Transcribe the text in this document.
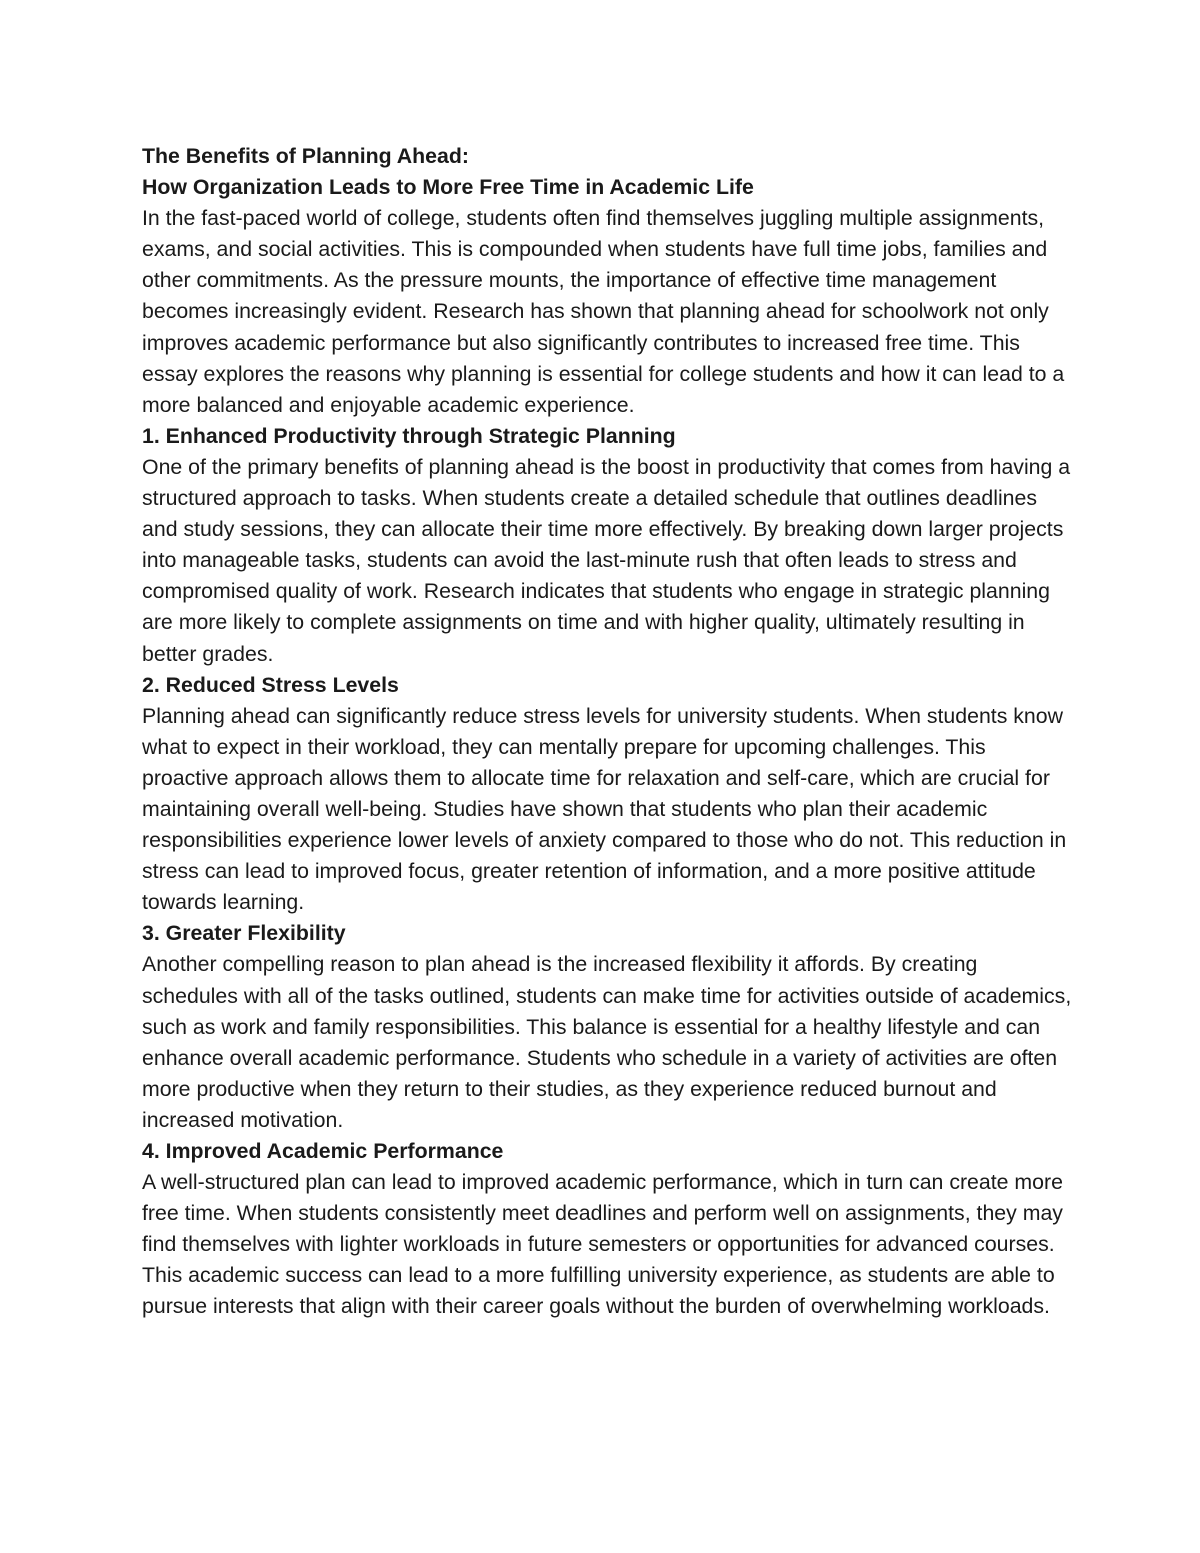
The Benefits of Planning Ahead:

How Organization Leads to More Free Time in Academic Life

In the fast-paced world of college, students often find themselves juggling multiple assignments, exams, and social activities. This is compounded when students have full time jobs, families and other commitments. As the pressure mounts, the importance of effective time management becomes increasingly evident. Research has shown that planning ahead for schoolwork not only improves academic performance but also significantly contributes to increased free time. This essay explores the reasons why planning is essential for college students and how it can lead to a more balanced and enjoyable academic experience.

1. Enhanced Productivity through Strategic Planning

One of the primary benefits of planning ahead is the boost in productivity that comes from having a structured approach to tasks. When students create a detailed schedule that outlines deadlines and study sessions, they can allocate their time more effectively. By breaking down larger projects into manageable tasks, students can avoid the last-minute rush that often leads to stress and compromised quality of work. Research indicates that students who engage in strategic planning are more likely to complete assignments on time and with higher quality, ultimately resulting in better grades.

2. Reduced Stress Levels

Planning ahead can significantly reduce stress levels for university students. When students know what to expect in their workload, they can mentally prepare for upcoming challenges. This proactive approach allows them to allocate time for relaxation and self-care, which are crucial for maintaining overall well-being. Studies have shown that students who plan their academic responsibilities experience lower levels of anxiety compared to those who do not. This reduction in stress can lead to improved focus, greater retention of information, and a more positive attitude towards learning.

3. Greater Flexibility

Another compelling reason to plan ahead is the increased flexibility it affords. By creating schedules with all of the tasks outlined, students can make time for activities outside of academics, such as work and family responsibilities. This balance is essential for a healthy lifestyle and can enhance overall academic performance. Students who schedule in a variety of activities are often more productive when they return to their studies, as they experience reduced burnout and increased motivation.

4. Improved Academic Performance

A well-structured plan can lead to improved academic performance, which in turn can create more free time. When students consistently meet deadlines and perform well on assignments, they may find themselves with lighter workloads in future semesters or opportunities for advanced courses. This academic success can lead to a more fulfilling university experience, as students are able to pursue interests that align with their career goals without the burden of overwhelming workloads.
